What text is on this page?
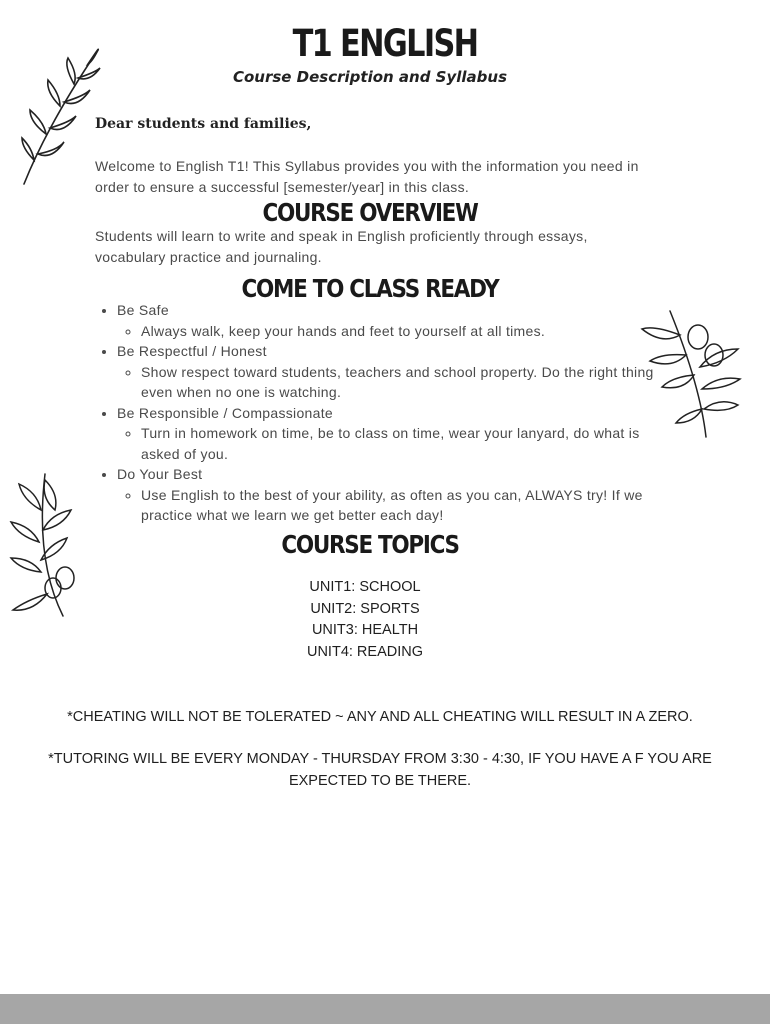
T1 ENGLISH
Course Description and Syllabus
Dear students and families,
Welcome to English T1! This Syllabus provides you with the information you need in order to ensure a successful [semester/year] in this class.
COURSE OVERVIEW
Students will learn to write and speak in English proficiently through essays, vocabulary practice and journaling.
COME TO CLASS READY
• Be Safe
◦ Always walk, keep your hands and feet to yourself at all times.
• Be Respectful / Honest
◦ Show respect toward students, teachers and school property. Do the right thing even when no one is watching.
• Be Responsible / Compassionate
◦ Turn in homework on time, be to class on time, wear your lanyard, do what is asked of you.
• Do Your Best
◦ Use English to the best of your ability, as often as you can, ALWAYS try! If we practice what we learn we get better each day!
COURSE TOPICS
UNIT1: SCHOOL
UNIT2: SPORTS
UNIT3: HEALTH
UNIT4: READING
*CHEATING WILL NOT BE TOLERATED ~ ANY AND ALL CHEATING WILL RESULT IN A ZERO.
*TUTORING WILL BE EVERY MONDAY - THURSDAY FROM 3:30 - 4:30, IF YOU HAVE A F YOU ARE EXPECTED TO BE THERE.
